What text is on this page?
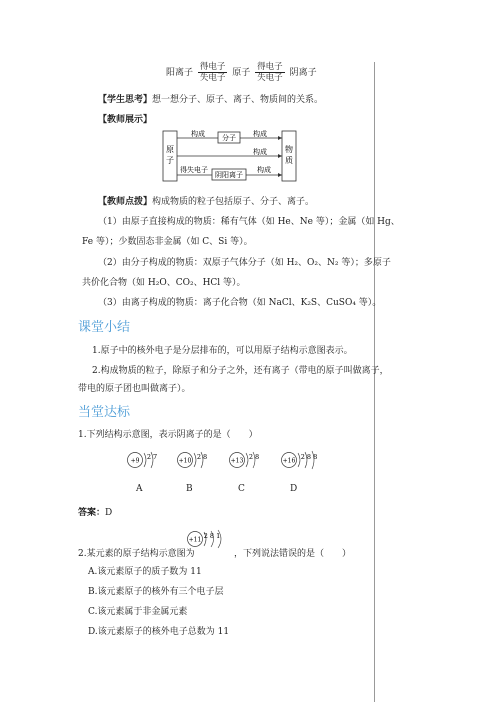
阳离子 $\frac{\text{得电子}}{\text{失电子}}$ 原子 $\frac{\text{得电子}}{\text{失电子}}$ 阴离子
【学生思考】想一想分子、原子、离子、物质间的关系。
【教师展示】
原
子
物
质
构成 分子 构成
构成
得失电子
阴阳离子
构成
【教师点拨】构成物质的粒子包括原子、分子、离子。
（1）由原子直接构成的物质：稀有气体（如 He、Ne 等）；金属（如 Hg、
Fe 等）；少数固态非金属（如 C、Si 等）。
（2）由分子构成的物质：双原子气体分子（如 H₂、O₂、N₂ 等）；多原子
共价化合物（如 H₂O、CO₂、HCl 等）。
（3）由离子构成的物质：离子化合物（如 NaCl、K₂S、CuSO₄ 等）。
课堂小结
1.原子中的核外电子是分层排布的，可以用原子结构示意图表示。
2.构成物质的粒子，除原子和分子之外，还有离子（带电的原子叫做离子，
带电的原子团也叫做离子）。
当堂达标
1.下列结构示意图，表示阴离子的是（　　）
+9 2 7
A
+10 2 8
B
+13 2 8
C
+16 2 8 8
D
答案：D
+11 2 8 1
2.某元素的原子结构示意图为	，下列说法错误的是（　　）
A.该元素原子的质子数为 11
B.该元素原子的核外有三个电子层
C.该元素属于非金属元素
D.该元素原子的核外电子总数为 11
